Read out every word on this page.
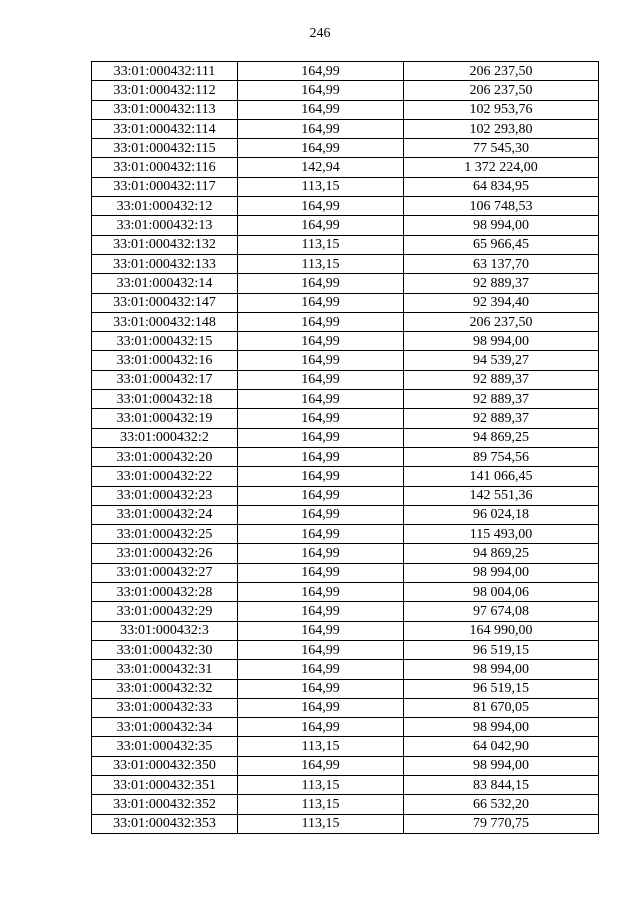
246
33:01:000432:111	164,99	206 237,50
33:01:000432:112	164,99	206 237,50
33:01:000432:113	164,99	102 953,76
33:01:000432:114	164,99	102 293,80
33:01:000432:115	164,99	77 545,30
33:01:000432:116	142,94	1 372 224,00
33:01:000432:117	113,15	64 834,95
33:01:000432:12	164,99	106 748,53
33:01:000432:13	164,99	98 994,00
33:01:000432:132	113,15	65 966,45
33:01:000432:133	113,15	63 137,70
33:01:000432:14	164,99	92 889,37
33:01:000432:147	164,99	92 394,40
33:01:000432:148	164,99	206 237,50
33:01:000432:15	164,99	98 994,00
33:01:000432:16	164,99	94 539,27
33:01:000432:17	164,99	92 889,37
33:01:000432:18	164,99	92 889,37
33:01:000432:19	164,99	92 889,37
33:01:000432:2	164,99	94 869,25
33:01:000432:20	164,99	89 754,56
33:01:000432:22	164,99	141 066,45
33:01:000432:23	164,99	142 551,36
33:01:000432:24	164,99	96 024,18
33:01:000432:25	164,99	115 493,00
33:01:000432:26	164,99	94 869,25
33:01:000432:27	164,99	98 994,00
33:01:000432:28	164,99	98 004,06
33:01:000432:29	164,99	97 674,08
33:01:000432:3	164,99	164 990,00
33:01:000432:30	164,99	96 519,15
33:01:000432:31	164,99	98 994,00
33:01:000432:32	164,99	96 519,15
33:01:000432:33	164,99	81 670,05
33:01:000432:34	164,99	98 994,00
33:01:000432:35	113,15	64 042,90
33:01:000432:350	164,99	98 994,00
33:01:000432:351	113,15	83 844,15
33:01:000432:352	113,15	66 532,20
33:01:000432:353	113,15	79 770,75
